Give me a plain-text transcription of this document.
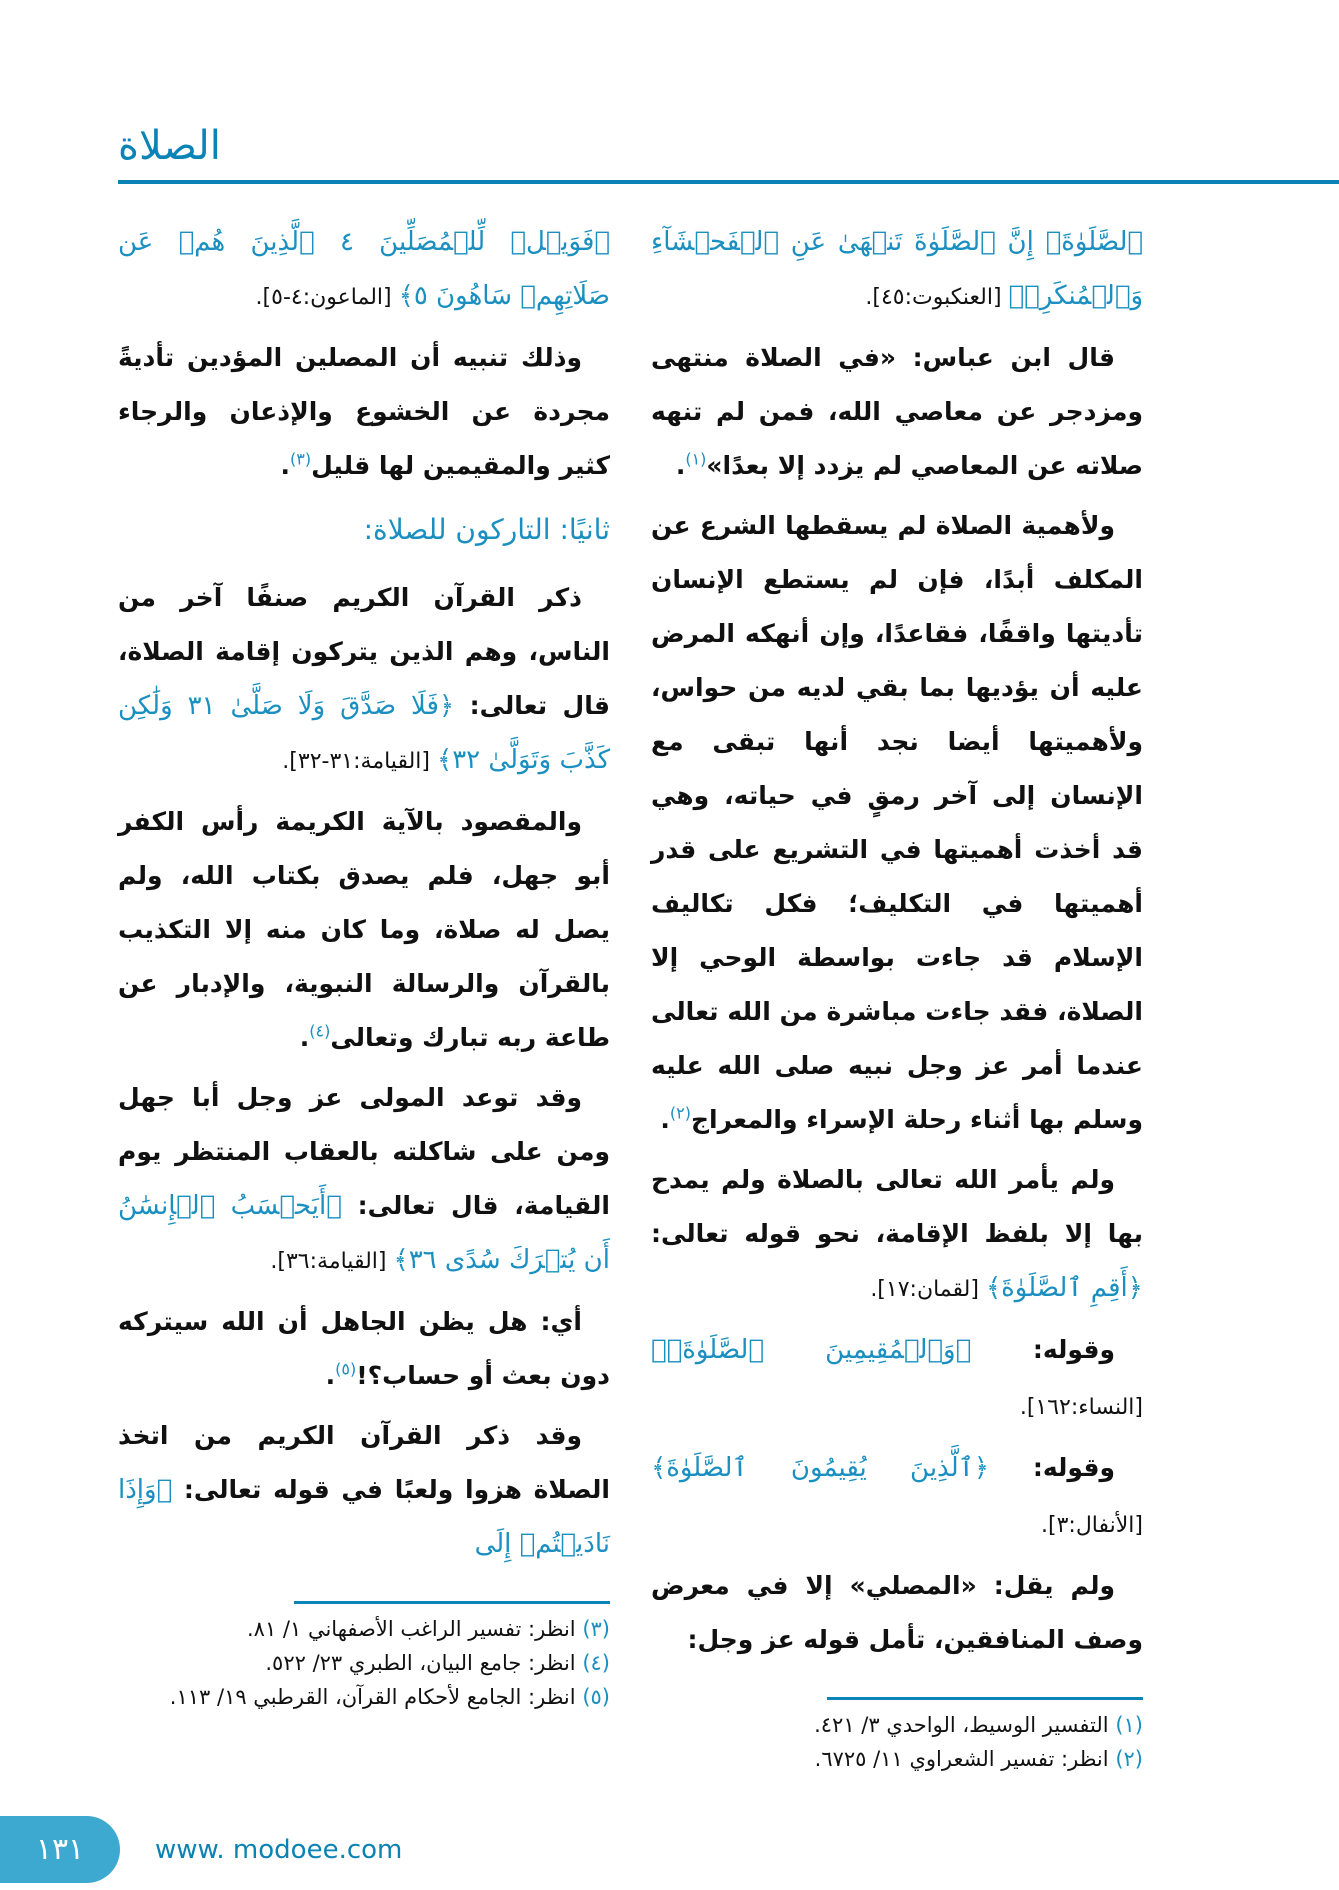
الصلاة
﴿فَوَيۡلٞ لِّلۡمُصَلِّينَ ٤ ٱلَّذِينَ هُمۡ عَن صَلَاتِهِمۡ سَاهُونَ ٥﴾ [الماعون:٤-٥].
وذلك تنبيه أن المصلين المؤدين تأديةً مجردة عن الخشوع والإذعان والرجاء كثير والمقيمين لها قليل$^{(٣)}$.
ثانيًا: التاركون للصلاة:
ذكر القرآن الكريم صنفًا آخر من الناس، وهم الذين يتركون إقامة الصلاة، قال تعالى: ﴿فَلَا صَدَّقَ وَلَا صَلَّىٰ ٣١ وَلَٰكِن كَذَّبَ وَتَوَلَّىٰ ٣٢﴾ [القيامة:٣١-٣٢].
والمقصود بالآية الكريمة رأس الكفر أبو جهل، فلم يصدق بكتاب الله، ولم يصل له صلاة، وما كان منه إلا التكذيب بالقرآن والرسالة النبوية، والإدبار عن طاعة ربه تبارك وتعالى$^{(٤)}$.
وقد توعد المولى عز وجل أبا جهل ومن على شاكلته بالعقاب المنتظر يوم القيامة، قال تعالى: ﴿أَيَحۡسَبُ ٱلۡإِنسَٰنُ أَن يُتۡرَكَ سُدًى ٣٦﴾ [القيامة:٣٦].
أي: هل يظن الجاهل أن الله سيتركه دون بعث أو حساب؟!$^{(٥)}$.
وقد ذكر القرآن الكريم من اتخذ الصلاة هزوا ولعبًا في قوله تعالى: ﴿وَإِذَا نَادَيۡتُمۡ إِلَى
(٣) انظر: تفسير الراغب الأصفهاني ١/ ٨١.
(٤) انظر: جامع البيان، الطبري ٢٣/ ٥٢٢.
(٥) انظر: الجامع لأحكام القرآن، القرطبي ١٩/ ١١٣.
ٱلصَّلَوٰةَۖ إِنَّ ٱلصَّلَوٰةَ تَنۡهَىٰ عَنِ ٱلۡفَحۡشَآءِ وَٱلۡمُنكَرِۗ﴾ [العنكبوت:٤٥].
قال ابن عباس: «في الصلاة منتهى ومزدجر عن معاصي الله، فمن لم تنهه صلاته عن المعاصي لم يزدد إلا بعدًا»$^{(١)}$.
ولأهمية الصلاة لم يسقطها الشرع عن المكلف أبدًا، فإن لم يستطع الإنسان تأديتها واقفًا، فقاعدًا، وإن أنهكه المرض عليه أن يؤديها بما بقي لديه من حواس، ولأهميتها أيضا نجد أنها تبقى مع الإنسان إلى آخر رمقٍ في حياته، وهي قد أخذت أهميتها في التشريع على قدر أهميتها في التكليف؛ فكل تكاليف الإسلام قد جاءت بواسطة الوحي إلا الصلاة، فقد جاءت مباشرة من الله تعالى عندما أمر عز وجل نبيه صلى الله عليه وسلم بها أثناء رحلة الإسراء والمعراج$^{(٢)}$.
ولم يأمر الله تعالى بالصلاة ولم يمدح بها إلا بلفظ الإقامة، نحو قوله تعالى: ﴿أَقِمِ ٱلصَّلَوٰةَ﴾ [لقمان:١٧].
وقوله: ﴿وَٱلۡمُقِيمِينَ ٱلصَّلَوٰةَۚ﴾ [النساء:١٦٢].
وقوله: ﴿ٱلَّذِينَ يُقِيمُونَ ٱلصَّلَوٰةَ﴾ [الأنفال:٣].
ولم يقل: «المصلي» إلا في معرض وصف المنافقين، تأمل قوله عز وجل:
(١) التفسير الوسيط، الواحدي ٣/ ٤٢١.
(٢) انظر: تفسير الشعراوي ١١/ ٦٧٢٥.
١٣١	www. modoee.com
